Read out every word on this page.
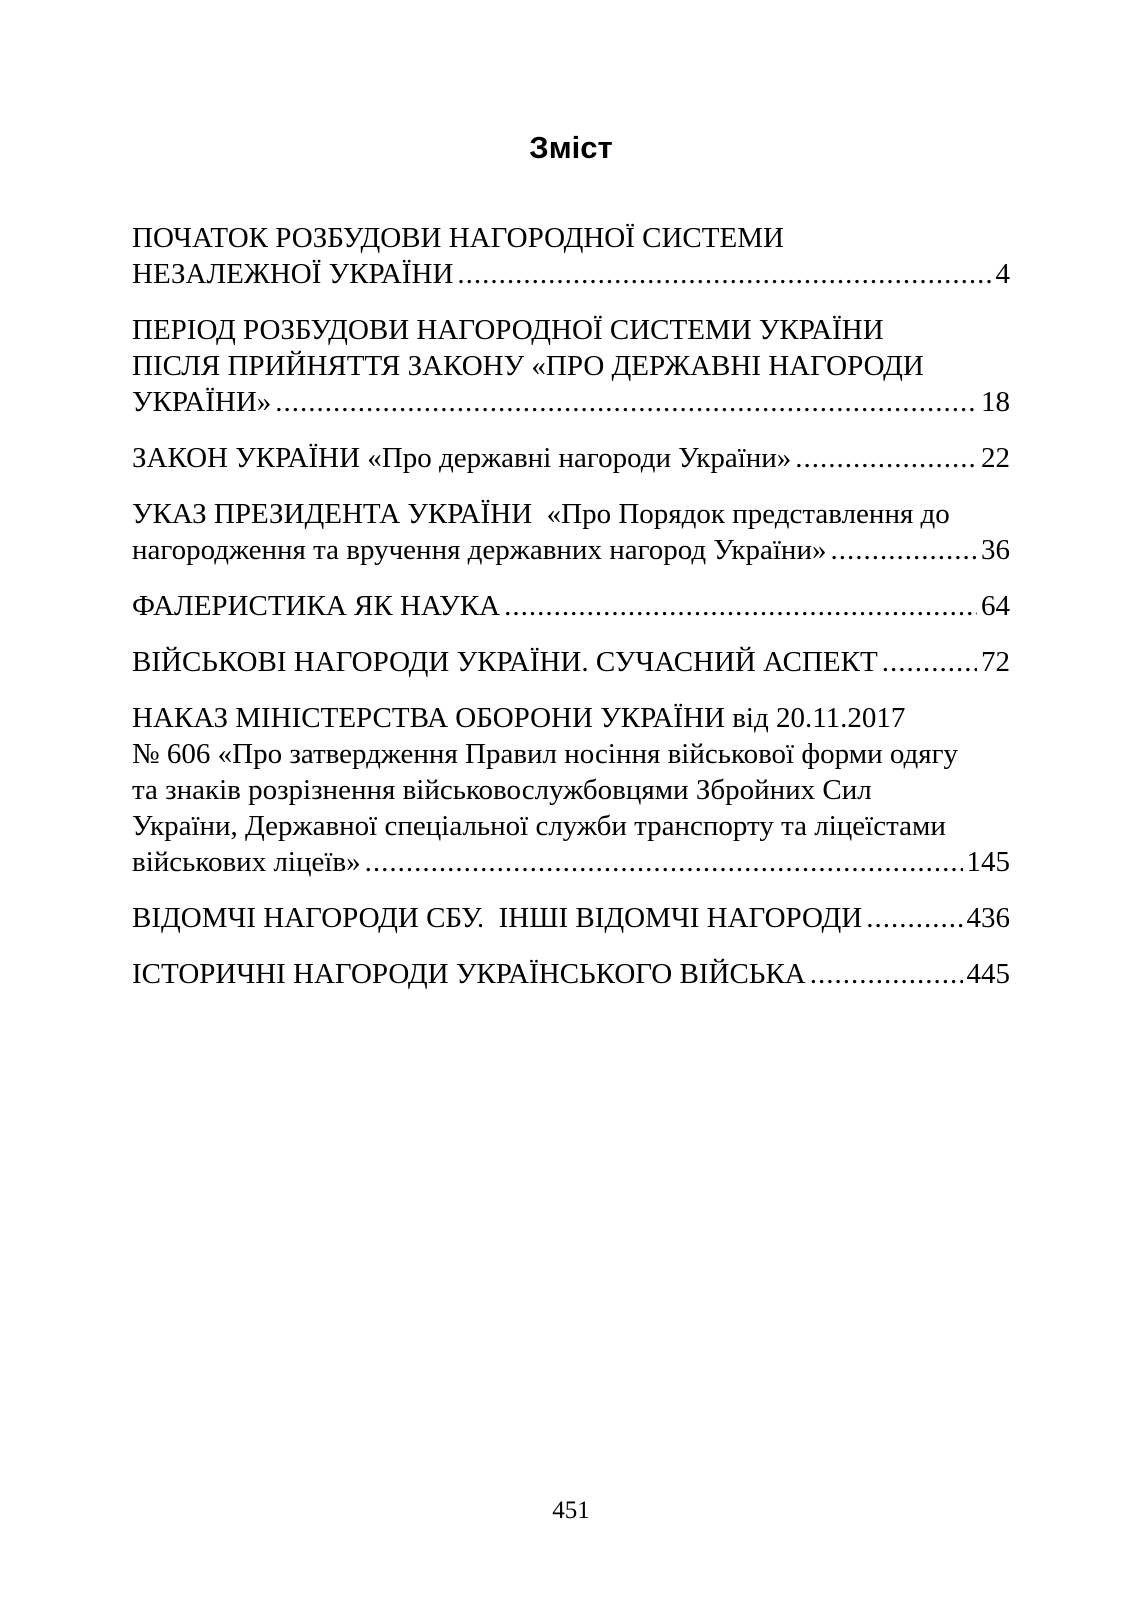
Зміст
ПОЧАТОК РОЗБУДОВИ НАГОРОДНОЇ СИСТЕМИ
НЕЗАЛЕЖНОЇ УКРАЇНИ .....	4
ПЕРІОД РОЗБУДОВИ НАГОРОДНОЇ СИСТЕМИ УКРАЇНИ
ПІСЛЯ ПРИЙНЯТТЯ ЗАКОНУ «ПРО ДЕРЖАВНІ НАГОРОДИ
УКРАЇНИ» .....	18
ЗАКОН УКРАЇНИ «Про державні нагороди України» .....	22
УКАЗ ПРЕЗИДЕНТА УКРАЇНИ  «Про Порядок представлення до
нагородження та вручення державних нагород України» .....	36
ФАЛЕРИСТИКА ЯК НАУКА .....	64
ВІЙСЬКОВІ НАГОРОДИ УКРАЇНИ. СУЧАСНИЙ АСПЕКТ .....	72
НАКАЗ МІНІСТЕРСТВА ОБОРОНИ УКРАЇНИ від 20.11.2017
№ 606 «Про затвердження Правил носіння військової форми одягу
та знаків розрізнення військовослужбовцями Збройних Сил
України, Державної спеціальної служби транспорту та ліцеїстами
військових ліцеїв» .....	145
ВІДОМЧІ НАГОРОДИ СБУ.  ІНШІ ВІДОМЧІ НАГОРОДИ .....	436
ІСТОРИЧНІ НАГОРОДИ УКРАЇНСЬКОГО ВІЙСЬКА .....	445
451
